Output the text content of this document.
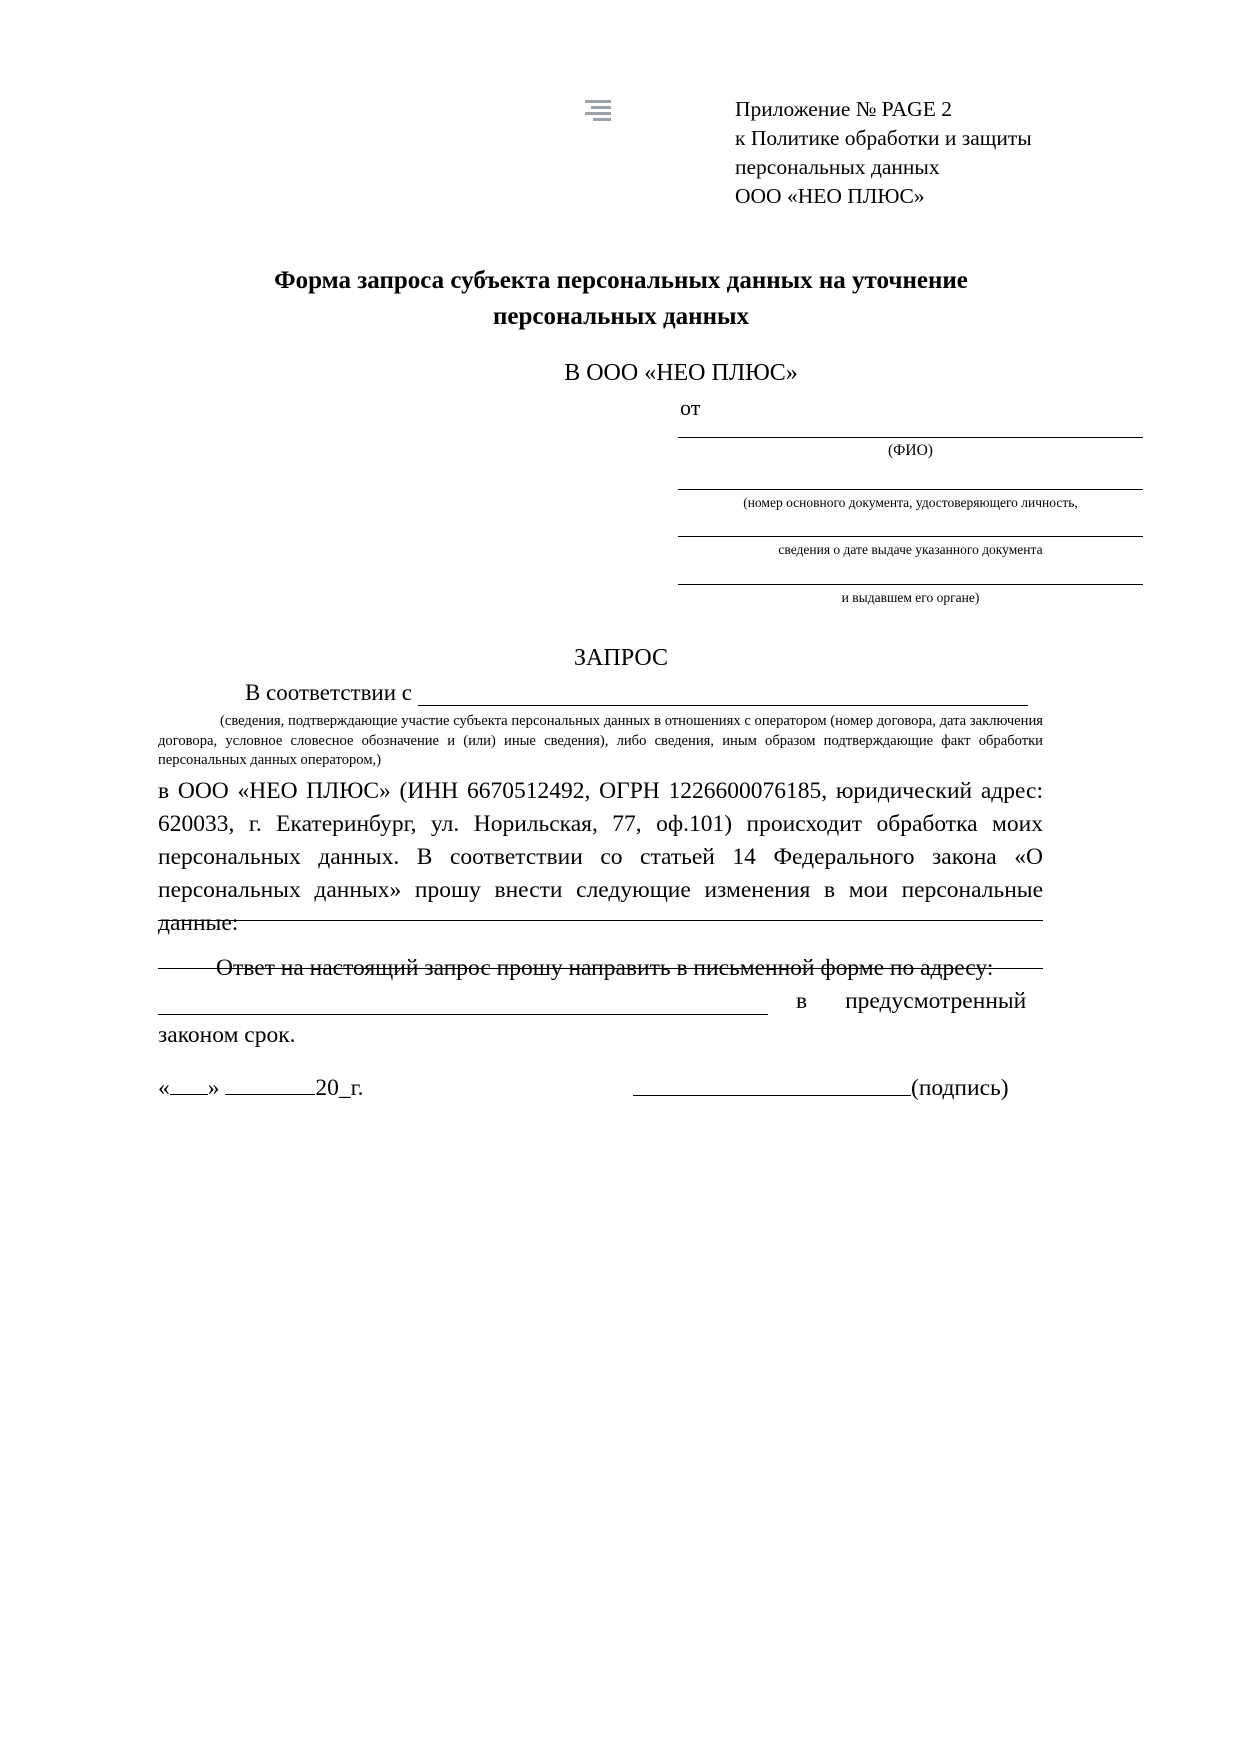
Приложение № PAGE 2
к Политике обработки и защиты
персональных данных
ООО «НЕО ПЛЮС»
Форма запроса субъекта персональных данных на уточнение
персональных данных
В ООО «НЕО ПЛЮС»
от
(ФИО)
(номер основного документа, удостоверяющего личность,
сведения о дате выдаче указанного документа
и выдавшем его органе)
ЗАПРОС
В соответствии с
(сведения, подтверждающие участие субъекта персональных данных в отношениях с оператором (номер договора, дата заключения договора, условное словесное обозначение и (или) иные сведения), либо сведения, иным образом подтверждающие факт обработки персональных данных оператором,)
в ООО «НЕО ПЛЮС» (ИНН 6670512492, ОГРН 1226600076185, юридический адрес: 620033, г. Екатеринбург, ул. Норильская, 77, оф.101) происходит обработка моих персональных данных. В соответствии со статьей 14 Федерального закона «О персональных данных» прошу внести следующие изменения в мои персональные данные:
Ответ на настоящий запрос прошу направить в письменной форме по адресу:
в предусмотренный
законом срок.
« »	20_г.	(подпись)
